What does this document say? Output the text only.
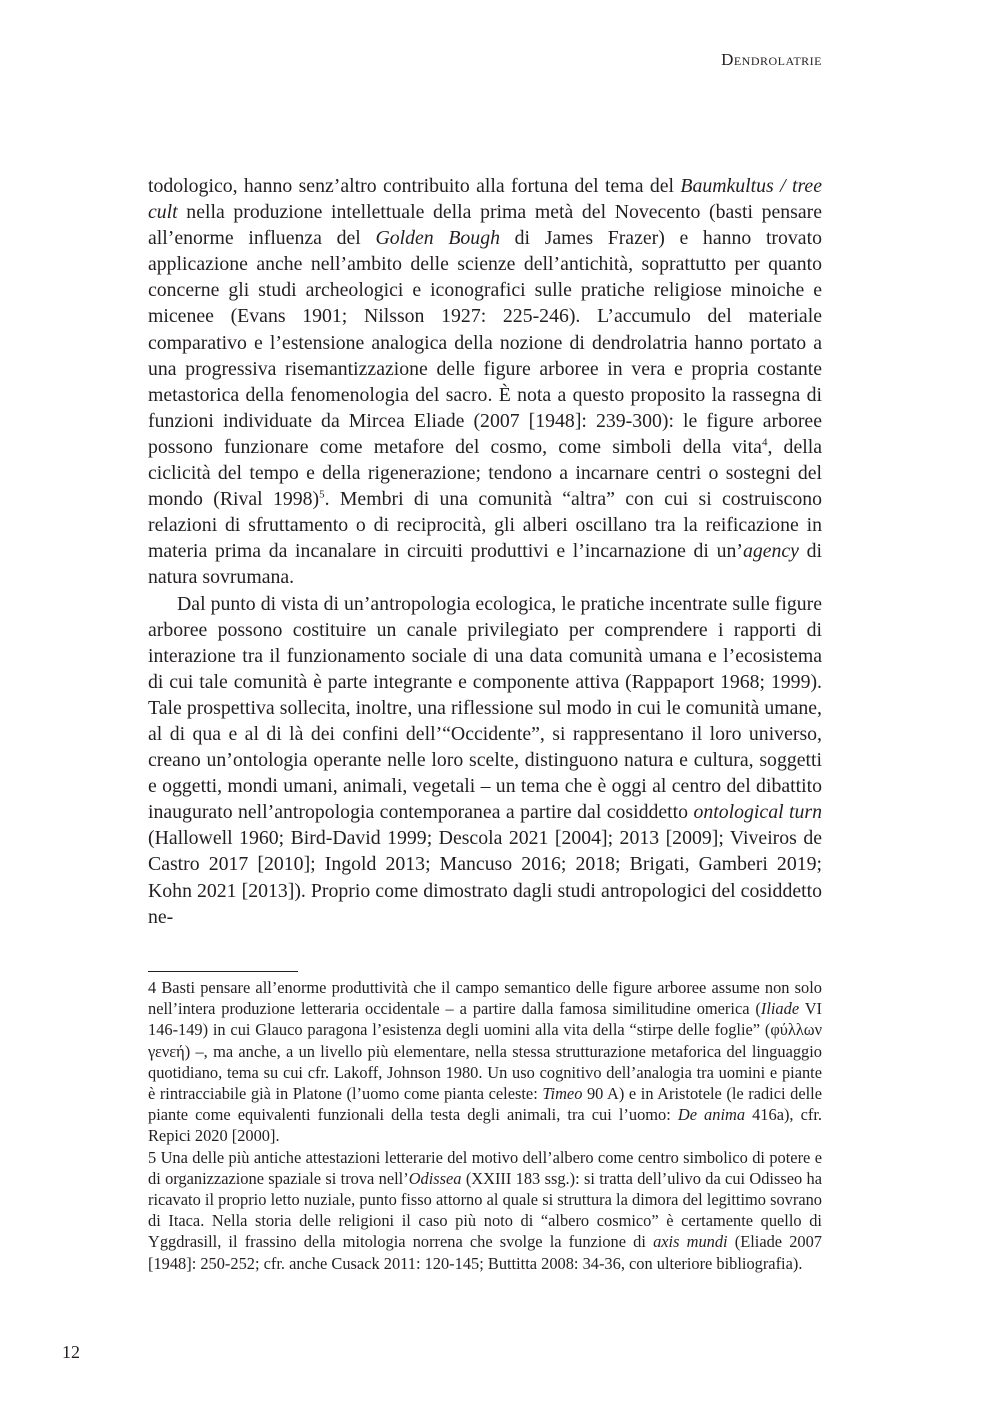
Dendrolatrie

todologico, hanno senz’altro contribuito alla fortuna del tema del Baumkultus / tree cult nella produzione intellettuale della prima metà del Novecento (basti pensare all’enorme influenza del Golden Bough di James Frazer) e hanno trovato applicazione anche nell’ambito delle scienze dell’antichità, soprattutto per quanto concerne gli studi archeologici e iconografici sulle pratiche religiose minoiche e micenee (Evans 1901; Nilsson 1927: 225-246). L’accumulo del materiale comparativo e l’estensione analogica della nozione di dendrolatria hanno portato a una progressiva risemantizzazione delle figure arboree in vera e propria costante metastorica della fenomenologia del sacro. È nota a questo proposito la rassegna di funzioni individuate da Mircea Eliade (2007 [1948]: 239-300): le figure arboree possono funzionare come metafore del cosmo, come simboli della vita$^4$, della ciclicità del tempo e della rigenerazione; tendono a incarnare centri o sostegni del mondo (Rival 1998)$^5$. Membri di una comunità “altra” con cui si costruiscono relazioni di sfruttamento o di reciprocità, gli alberi oscillano tra la reificazione in materia prima da incanalare in circuiti produttivi e l’incarnazione di un’agency di natura sovrumana.

Dal punto di vista di un’antropologia ecologica, le pratiche incentrate sulle figure arboree possono costituire un canale privilegiato per comprendere i rapporti di interazione tra il funzionamento sociale di una data comunità umana e l’ecosistema di cui tale comunità è parte integrante e componente attiva (Rappaport 1968; 1999). Tale prospettiva sollecita, inoltre, una riflessione sul modo in cui le comunità umane, al di qua e al di là dei confini dell’“Occidente”, si rappresentano il loro universo, creano un’ontologia operante nelle loro scelte, distinguono natura e cultura, soggetti e oggetti, mondi umani, animali, vegetali – un tema che è oggi al centro del dibattito inaugurato nell’antropologia contemporanea a partire dal cosiddetto ontological turn (Hallowell 1960; Bird-David 1999; Descola 2021 [2004]; 2013 [2009]; Viveiros de Castro 2017 [2010]; Ingold 2013; Mancuso 2016; 2018; Brigati, Gamberi 2019; Kohn 2021 [2013]). Proprio come dimostrato dagli studi antropologici del cosiddetto ne-

4 Basti pensare all’enorme produttività che il campo semantico delle figure arboree assume non solo nell’intera produzione letteraria occidentale – a partire dalla famosa similitudine omerica (Iliade VI 146-149) in cui Glauco paragona l’esistenza degli uomini alla vita della “stirpe delle foglie” (φύλλων γενεή) –, ma anche, a un livello più elementare, nella stessa strutturazione metaforica del linguaggio quotidiano, tema su cui cfr. Lakoff, Johnson 1980. Un uso cognitivo dell’analogia tra uomini e piante è rintracciabile già in Platone (l’uomo come pianta celeste: Timeo 90 A) e in Aristotele (le radici delle piante come equivalenti funzionali della testa degli animali, tra cui l’uomo: De anima 416a), cfr. Repici 2020 [2000].

5 Una delle più antiche attestazioni letterarie del motivo dell’albero come centro simbolico di potere e di organizzazione spaziale si trova nell’Odissea (XXIII 183 ssg.): si tratta dell’ulivo da cui Odisseo ha ricavato il proprio letto nuziale, punto fisso attorno al quale si struttura la dimora del legittimo sovrano di Itaca. Nella storia delle religioni il caso più noto di “albero cosmico” è certamente quello di Yggdrasill, il frassino della mitologia norrena che svolge la funzione di axis mundi (Eliade 2007 [1948]: 250-252; cfr. anche Cusack 2011: 120-145; Buttitta 2008: 34-36, con ulteriore bibliografia).

12
